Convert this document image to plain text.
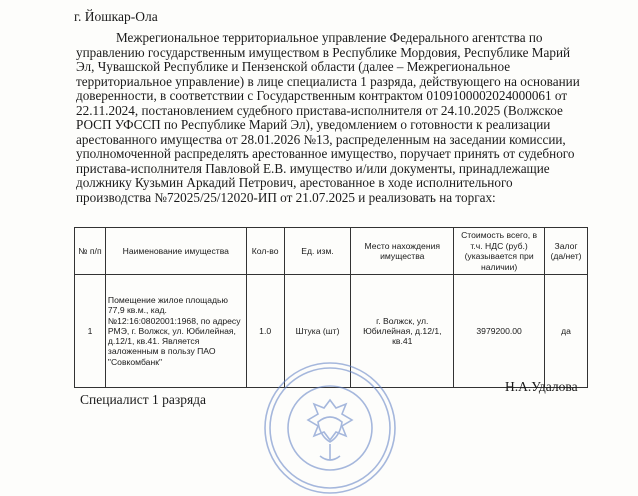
г. Йошкар-Ола

Межрегиональное территориальное управление Федерального агентства по управлению государственным имуществом в Республике Мордовия, Республике Марий Эл, Чувашской Республике и Пензенской области (далее – Межрегиональное территориальное управление) в лице специалиста 1 разряда, действующего на основании доверенности, в соответствии с Государственным контрактом 0109100002024000061 от 22.11.2024, постановлением судебного пристава-исполнителя от 24.10.2025 (Волжское РОСП УФССП по Республике Марий Эл), уведомлением о готовности к реализации арестованного имущества от 28.01.2026 №13, распределенным на заседании комиссии, уполномоченной распределять арестованное имущество, поручает принять от судебного пристава-исполнителя Павловой Е.В. имущество и/или документы, принадлежащие должнику Кузьмин Аркадий Петрович, арестованное в ходе исполнительного производства №72025/25/12020-ИП от 21.07.2025 и реализовать на торгах:

№ п/п	Наименование имущества	Кол-во	Ед. изм.	Место нахождения имущества	Стоимость всего, в т.ч. НДС (руб.) (указывается при наличии)	Залог (да/нет)
1	Помещение жилое площадью 77,9 кв.м., кад.№12:16:0802001:1968, по адресу РМЭ, г. Волжск, ул. Юбилейная, д.12/1, кв.41. Является заложенным в пользу ПАО "Совкомбанк"	1.0	Штука (шт)	г. Волжск, ул. Юбилейная, д.12/1, кв.41	3979200.00	да
Специалист 1 разряда
Н.А.Удалова
